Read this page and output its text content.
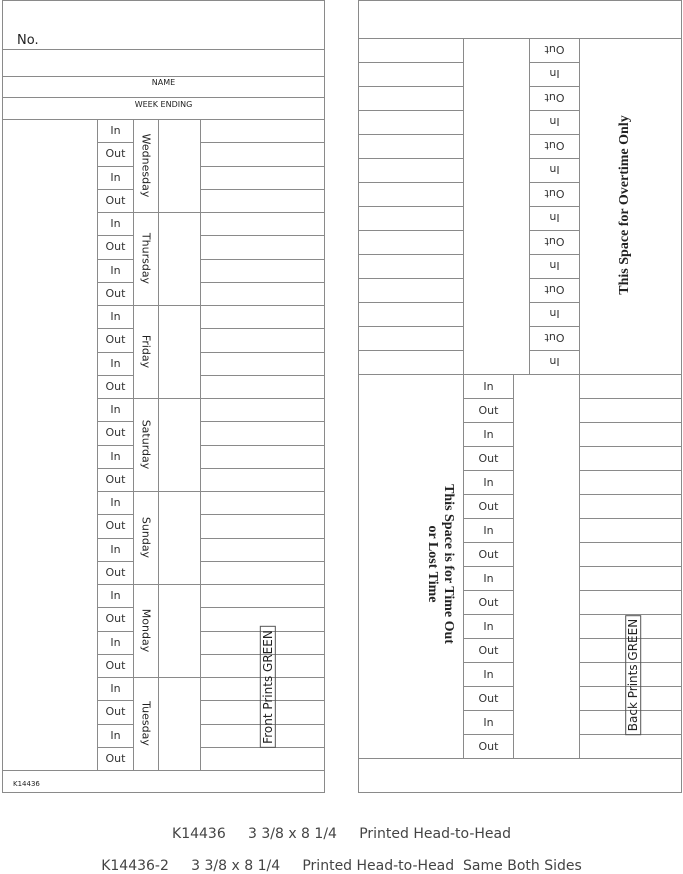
No.
NAME
WEEK ENDING
In
Out
In
Out
In
Out
In
Out
In
Out
In
Out
In
Out
In
Out
In
Out
In
Out
In
Out
In
Out
In
Out
In
Out
Wednesday
Thursday
Friday
Saturday
Sunday
Monday
Tuesday
K14436
Front Prints GREEN
Out
In
Out
In
Out
In
Out
In
Out
In
Out
In
Out
In
In
Out
In
Out
In
Out
In
Out
In
Out
In
Out
In
Out
In
Out
This Space for Overtime Only
This Space is for Time Out
or Lost Time
Back Prints GREEN
K14436     3 3/8 x 8 1/4     Printed Head-to-Head
K14436-2     3 3/8 x 8 1/4     Printed Head-to-Head  Same Both Sides
